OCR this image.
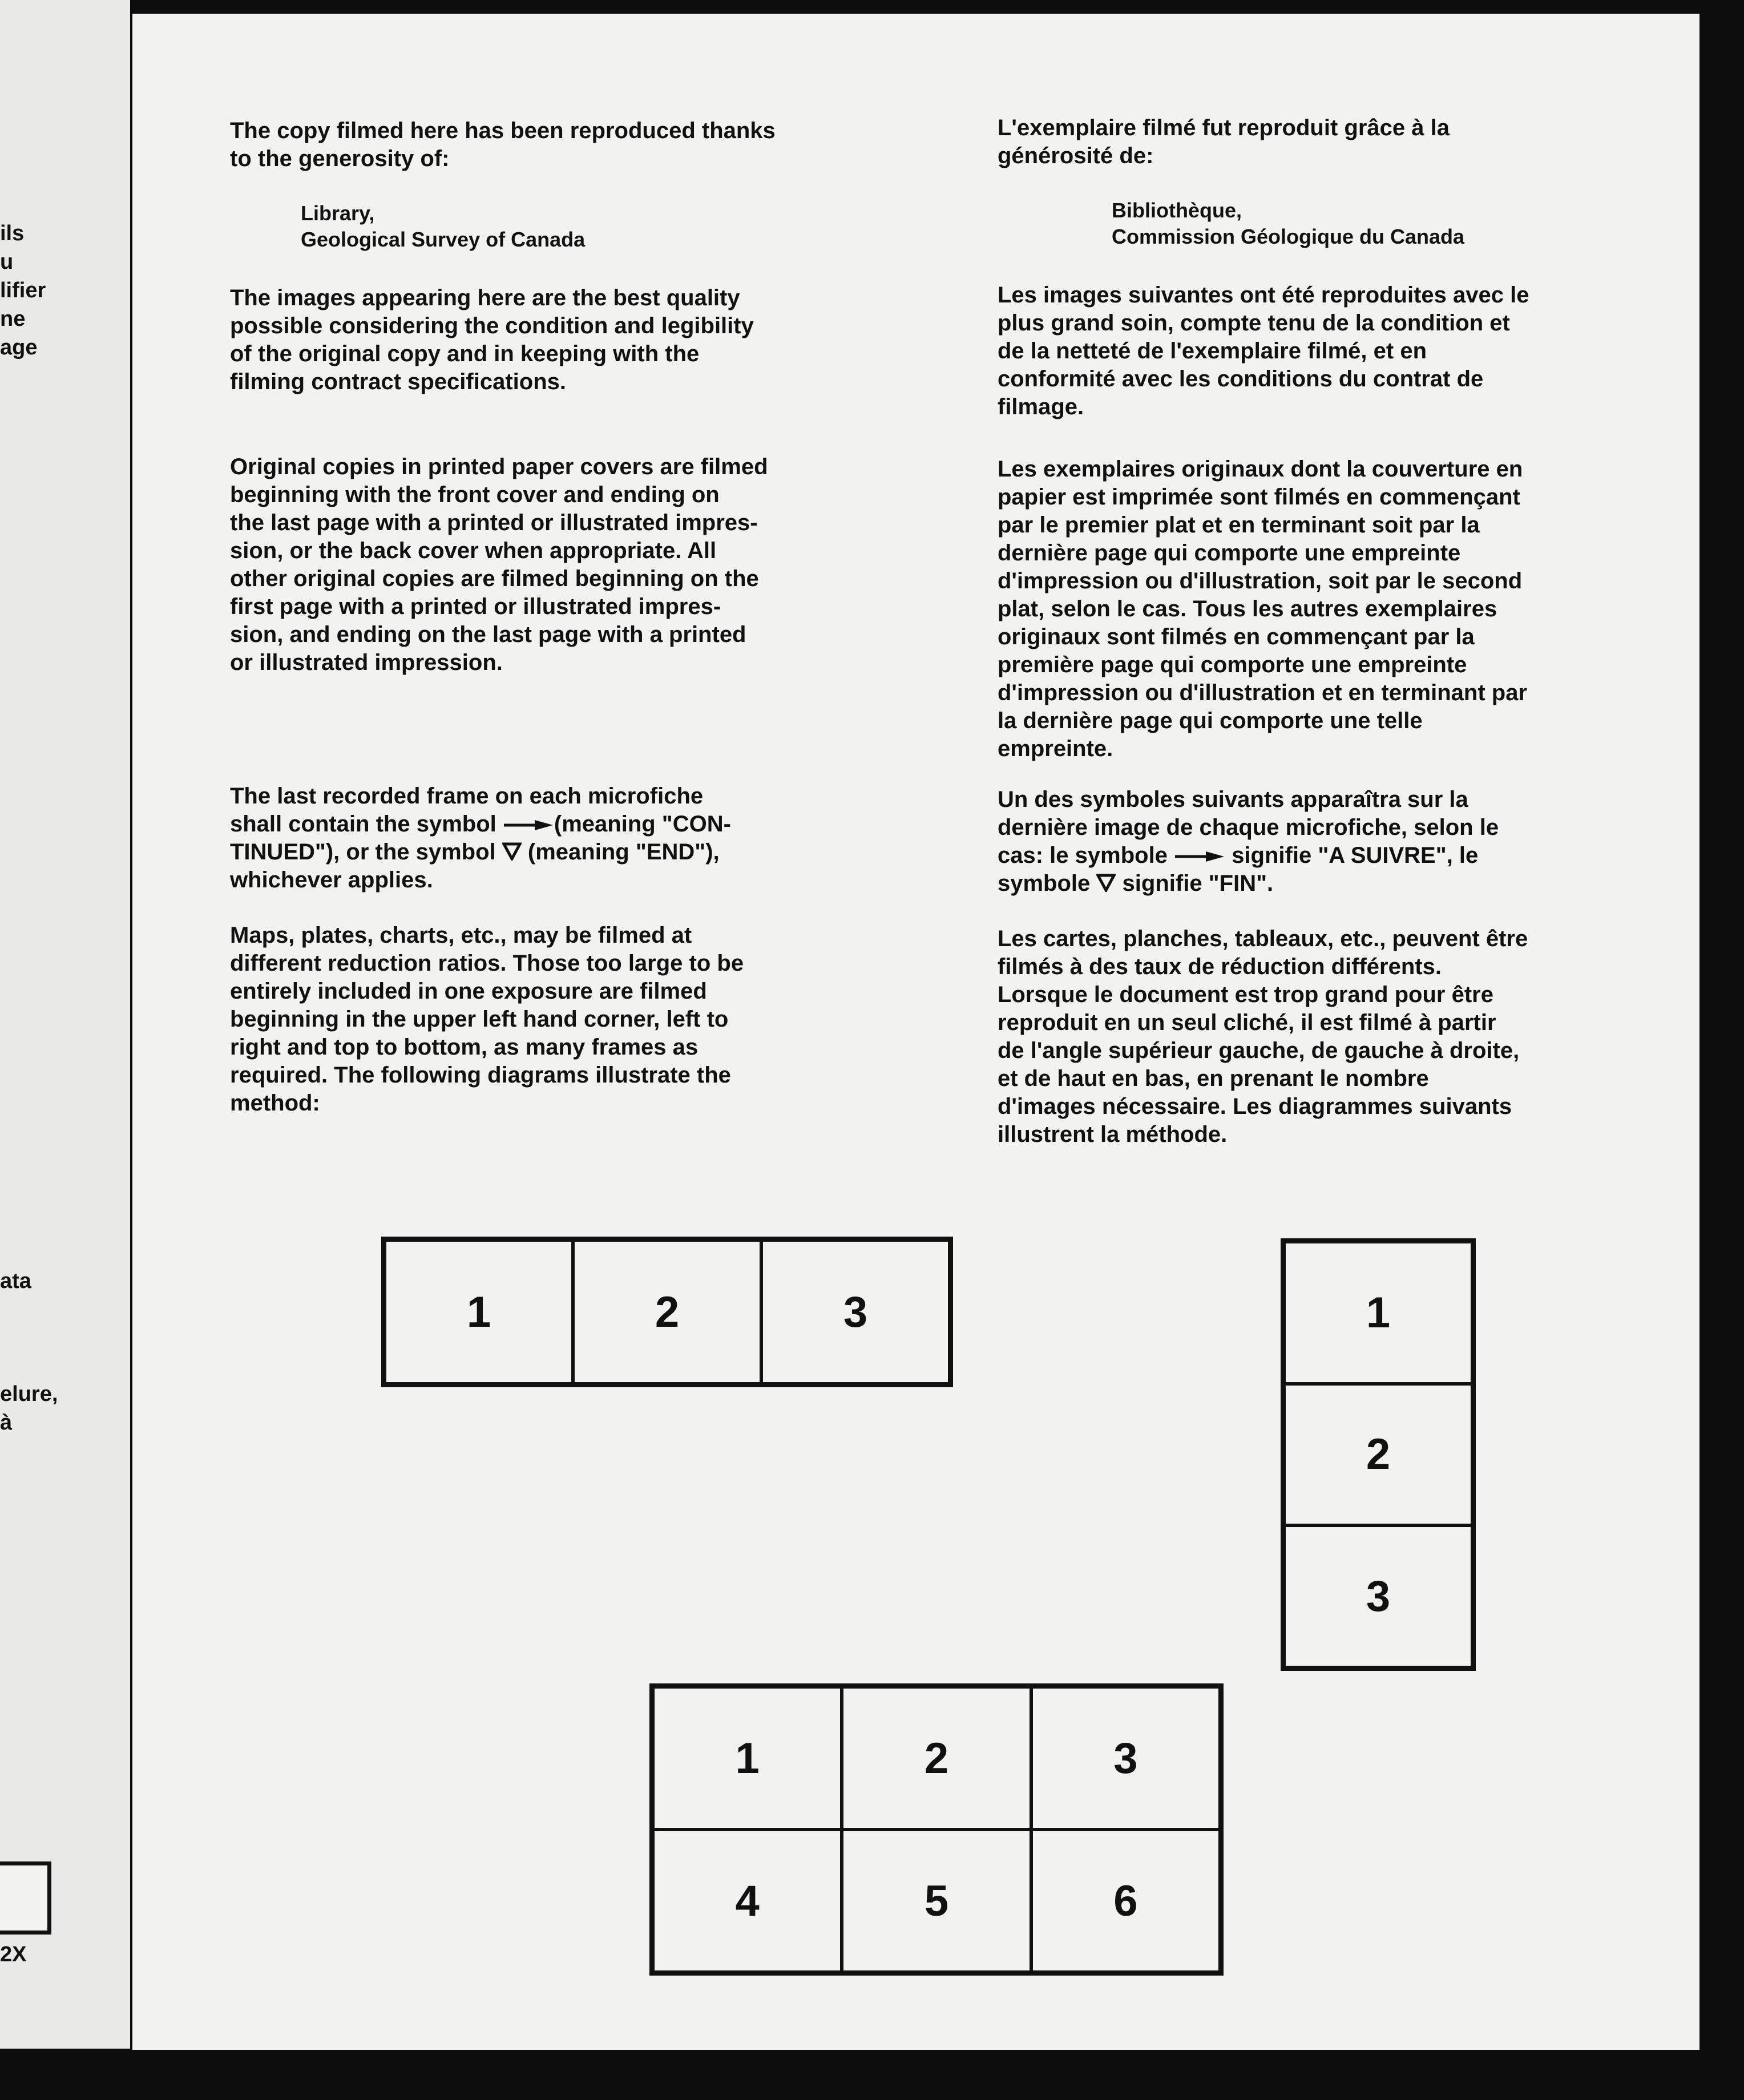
ils
u
lifier
ne
age
ata
elure,
à
2X

The copy filmed here has been reproduced thanks
to the generosity of:

Library,
Geological Survey of Canada

The images appearing here are the best quality
possible considering the condition and legibility
of the original copy and in keeping with the
filming contract specifications.

Original copies in printed paper covers are filmed
beginning with the front cover and ending on
the last page with a printed or illustrated impres-
sion, or the back cover when appropriate. All
other original copies are filmed beginning on the
first page with a printed or illustrated impres-
sion, and ending on the last page with a printed
or illustrated impression.

The last recorded frame on each microfiche
shall contain the symbol	(meaning "CON-
TINUED"), or the symbol (meaning "END"),
whichever applies.

Maps, plates, charts, etc., may be filmed at
different reduction ratios. Those too large to be
entirely included in one exposure are filmed
beginning in the upper left hand corner, left to
right and top to bottom, as many frames as
required. The following diagrams illustrate the
method:

L'exemplaire filmé fut reproduit grâce à la
générosité de:

Bibliothèque,
Commission Géologique du Canada

Les images suivantes ont été reproduites avec le
plus grand soin, compte tenu de la condition et
de la netteté de l'exemplaire filmé, et en
conformité avec les conditions du contrat de
filmage.

Les exemplaires originaux dont la couverture en
papier est imprimée sont filmés en commençant
par le premier plat et en terminant soit par la
dernière page qui comporte une empreinte
d'impression ou d'illustration, soit par le second
plat, selon le cas. Tous les autres exemplaires
originaux sont filmés en commençant par la
première page qui comporte une empreinte
d'impression ou d'illustration et en terminant par
la dernière page qui comporte une telle
empreinte.

Un des symboles suivants apparaîtra sur la
dernière image de chaque microfiche, selon le
cas: le symbole	signifie "A SUIVRE", le
symbole signifie "FIN".

Les cartes, planches, tableaux, etc., peuvent être
filmés à des taux de réduction différents.
Lorsque le document est trop grand pour être
reproduit en un seul cliché, il est filmé à partir
de l'angle supérieur gauche, de gauche à droite,
et de haut en bas, en prenant le nombre
d'images nécessaire. Les diagrammes suivants
illustrent la méthode.

1	2	3	1
2
3
1	2	3
4	5	6
